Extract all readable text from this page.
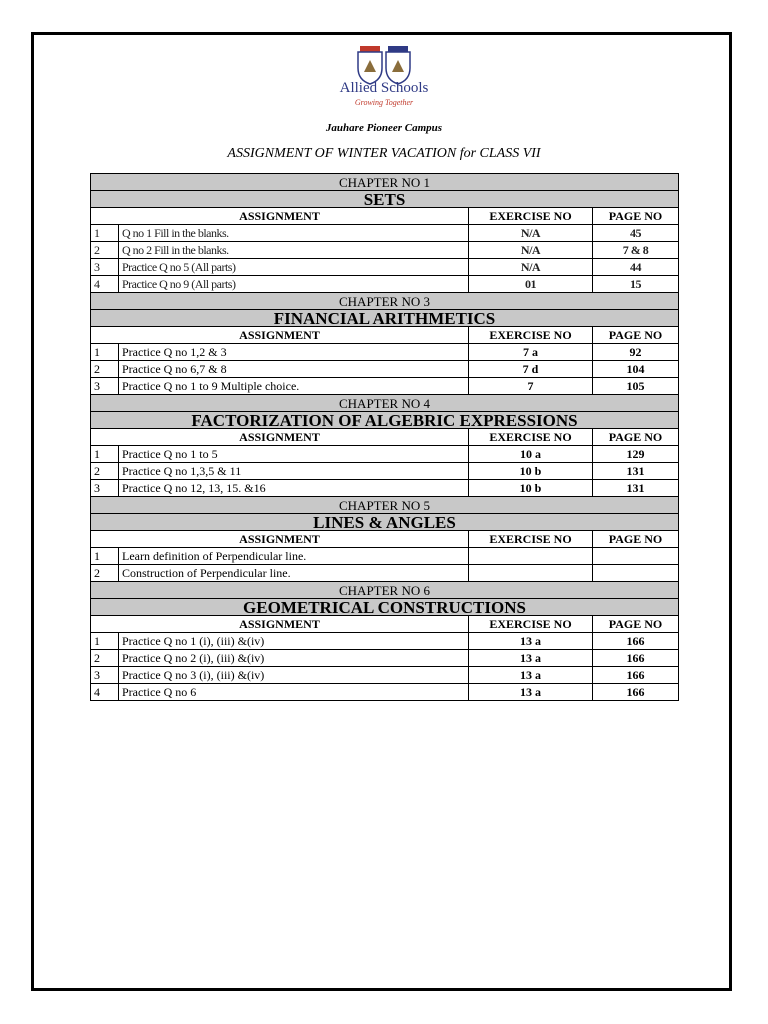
Allied Schools
Growing Together
Jauhare Pioneer Campus
ASSIGNMENT OF WINTER VACATION for CLASS VII
CHAPTER NO 1			
SETS			
ASSIGNMENT		EXERCISE NO	PAGE NO
1	Q no 1 Fill in the blanks.	N/A	45
2	Q no 2 Fill in the blanks.	N/A	7 & 8
3	Practice Q no 5 (All parts)	N/A	44
4	Practice Q no 9 (All parts)	01	15
CHAPTER NO 3			
FINANCIAL ARITHMETICS			
ASSIGNMENT		EXERCISE NO	PAGE NO
1	Practice Q no 1,2 & 3	7 a	92
2	Practice Q no 6,7 & 8	7 d	104
3	Practice Q no 1 to 9 Multiple choice.	7	105
CHAPTER NO 4			
FACTORIZATION OF ALGEBRIC EXPRESSIONS			
ASSIGNMENT		EXERCISE NO	PAGE NO
1	Practice Q no 1 to 5	10 a	129
2	Practice Q no 1,3,5 & 11	10 b	131
3	Practice Q no 12, 13, 15. &16	10 b	131
CHAPTER NO 5			
LINES & ANGLES			
ASSIGNMENT		EXERCISE NO	PAGE NO
1	Learn definition of Perpendicular line.		
2	Construction of Perpendicular line.		
CHAPTER NO 6			
GEOMETRICAL CONSTRUCTIONS			
ASSIGNMENT		EXERCISE NO	PAGE NO
1	Practice Q no 1 (i), (iii) &(iv)	13 a	166
2	Practice Q no 2 (i), (iii) &(iv)	13 a	166
3	Practice Q no 3 (i), (iii) &(iv)	13 a	166
4	Practice Q no 6	13 a	166
